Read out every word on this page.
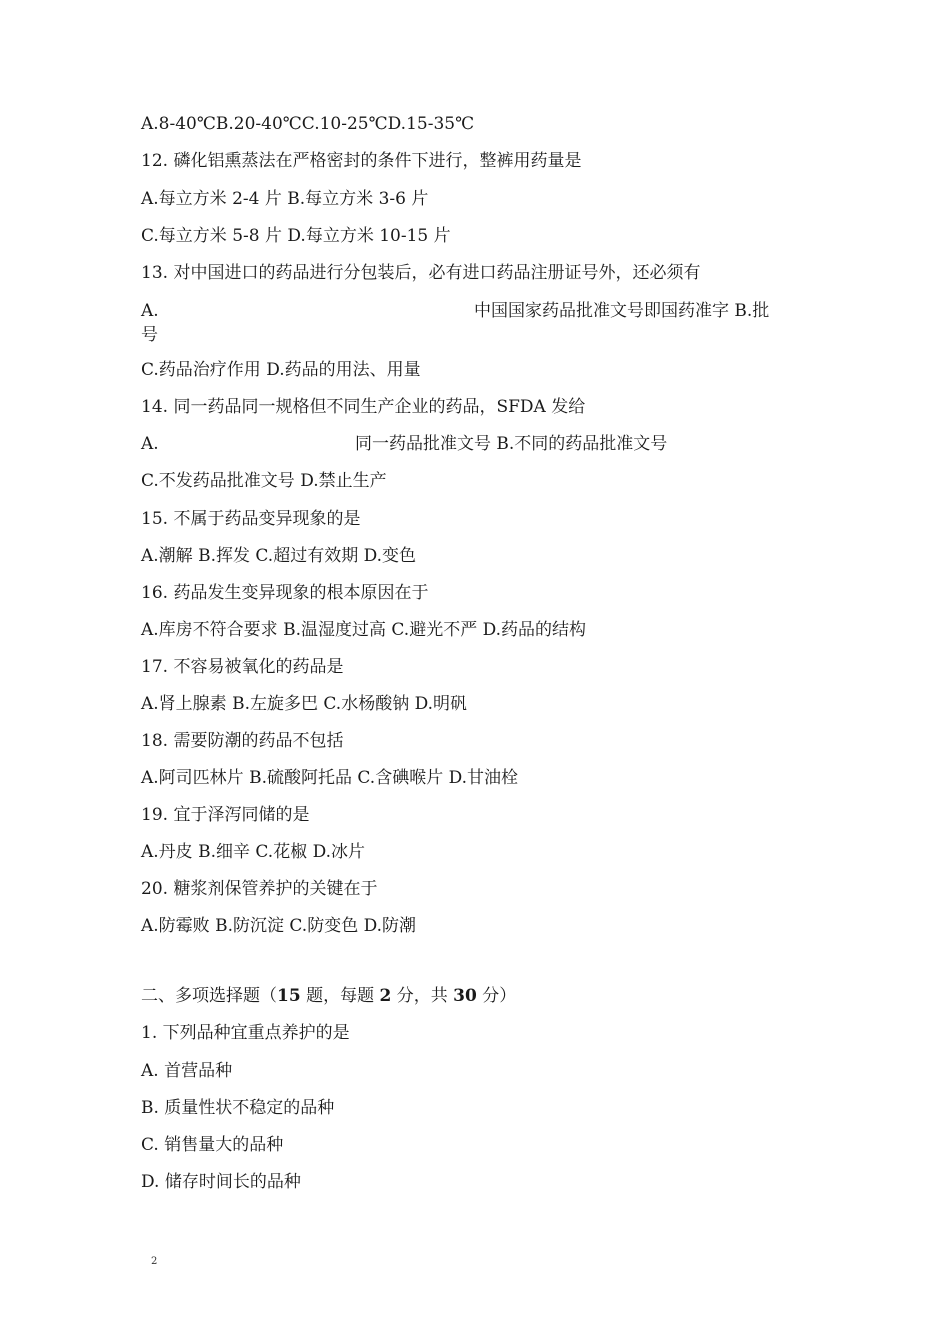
A.8-40℃B.20-40℃C.10-25℃D.15-35℃
12. 磷化铝熏蒸法在严格密封的条件下进行，整裤用药量是
A.每立方米 2-4 片 B.每立方米 3-6 片
C.每立方米 5-8 片 D.每立方米 10-15 片
13. 对中国进口的药品进行分包装后，必有进口药品注册证号外，还必须有
A.	中国国家药品批准文号即国药准字 B.批
号
C.药品治疗作用 D.药品的用法、用量
14. 同一药品同一规格但不同生产企业的药品，SFDA 发给
A.	同一药品批准文号 B.不同的药品批准文号
C.不发药品批准文号 D.禁止生产
15. 不属于药品变异现象的是
A.潮解 B.挥发 C.超过有效期 D.变色
16. 药品发生变异现象的根本原因在于
A.库房不符合要求 B.温湿度过高 C.避光不严 D.药品的结构
17. 不容易被氧化的药品是
A.肾上腺素 B.左旋多巴 C.水杨酸钠 D.明矾
18. 需要防潮的药品不包括
A.阿司匹林片 B.硫酸阿托品 C.含碘喉片 D.甘油栓
19. 宜于泽泻同储的是
A.丹皮 B.细辛 C.花椒 D.冰片
20. 糖浆剂保管养护的关键在于
A.防霉败 B.防沉淀 C.防变色 D.防潮
二、多项选择题（15 题，每题 2 分，共 30 分）
1. 下列品种宜重点养护的是
A. 首营品种
B. 质量性状不稳定的品种
C. 销售量大的品种
D. 储存时间长的品种
2
